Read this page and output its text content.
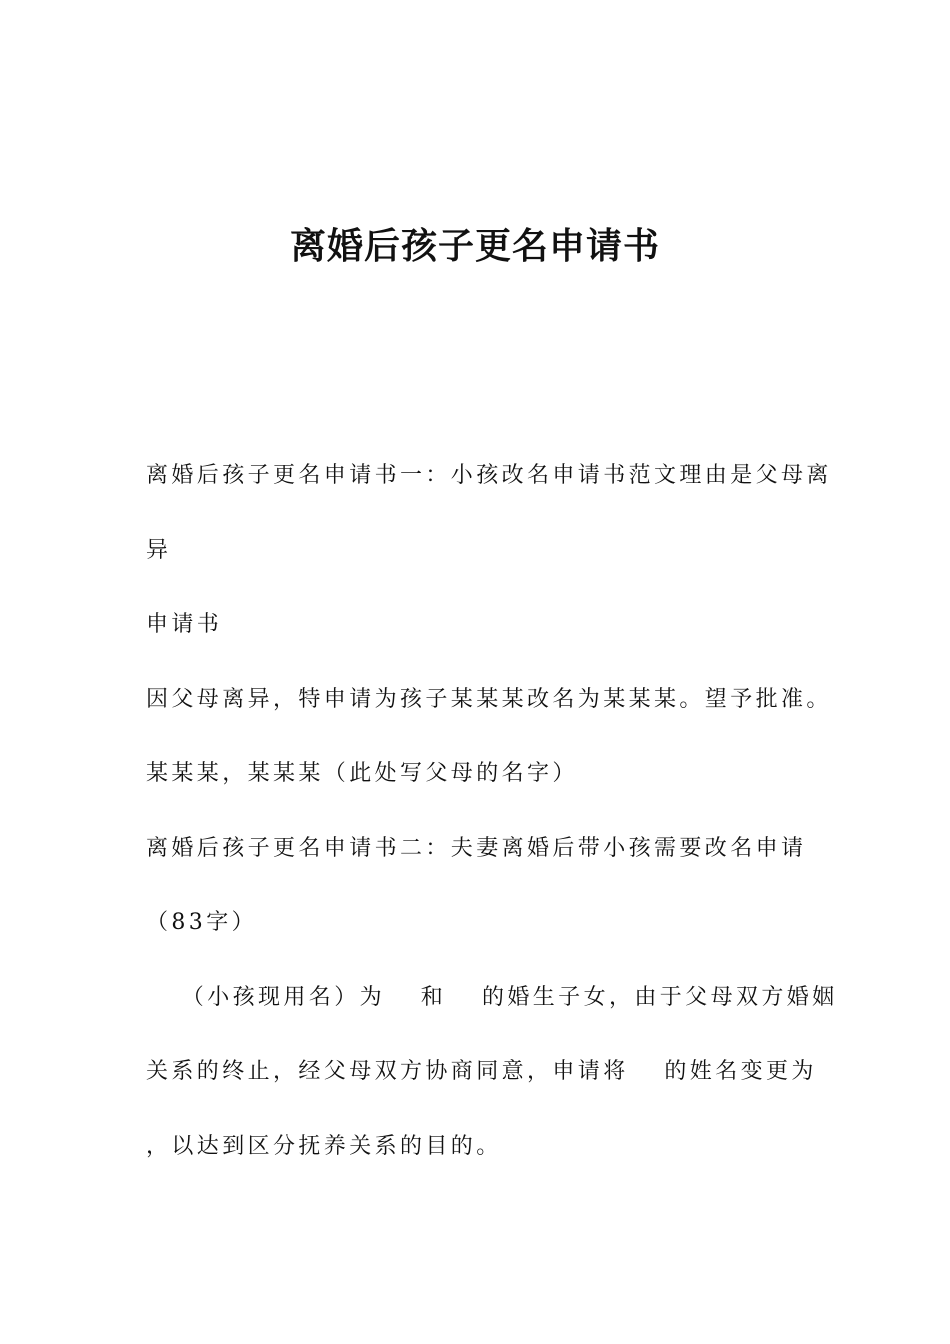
离婚后孩子更名申请书

离婚后孩子更名申请书一：小孩改名申请书范文理由是父母离

异

申请书

因父母离异，特申请为孩子某某某改名为某某某。望予批准。

某某某，某某某（此处写父母的名字）

离婚后孩子更名申请书二：夫妻离婚后带小孩需要改名申请

（83字）

　 （小孩现用名）为　 和　 的婚生子女，由于父母双方婚姻

关系的终止，经父母双方协商同意，申请将　 的姓名变更为

，以达到区分抚养关系的目的。
